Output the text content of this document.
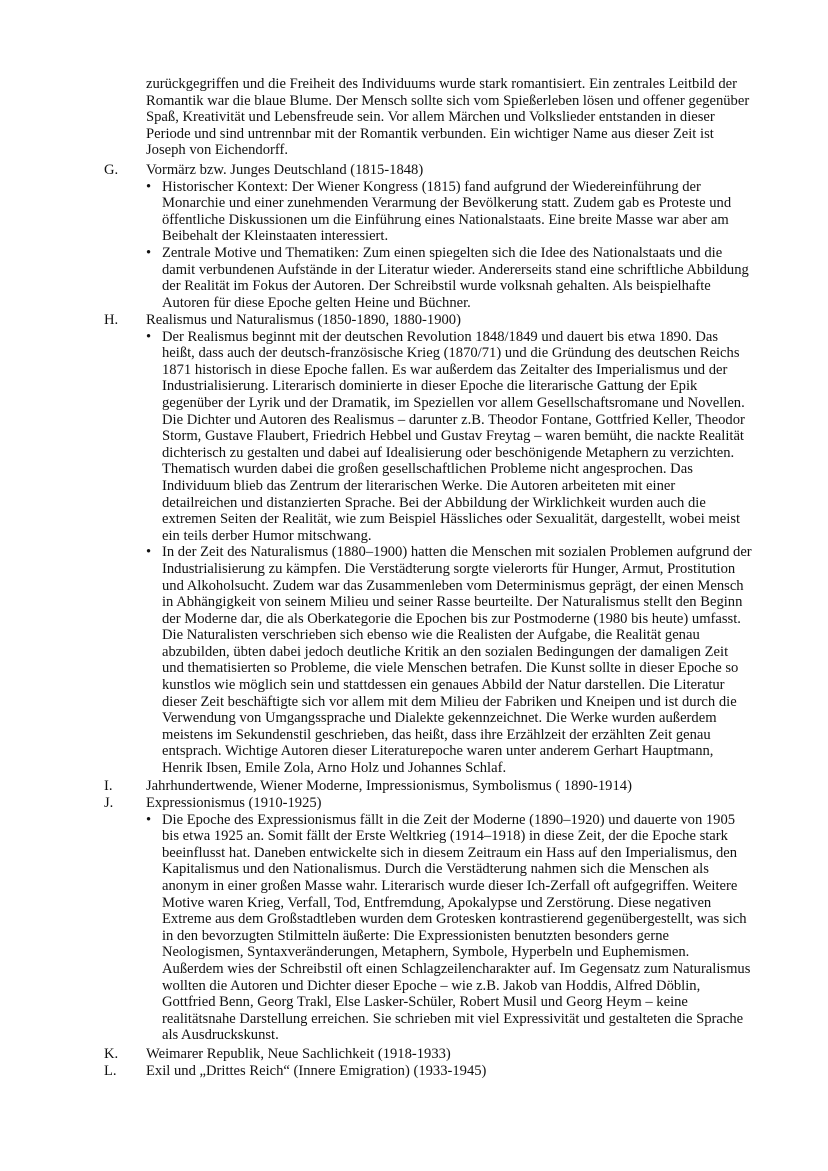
zurückgegriffen und die Freiheit des Individuums wurde stark romantisiert. Ein zentrales Leitbild der Romantik war die blaue Blume. Der Mensch sollte sich vom Spießerleben lösen und offener gegenüber Spaß, Kreativität und Lebensfreude sein. Vor allem Märchen und Volkslieder entstanden in dieser Periode und sind untrennbar mit der Romantik verbunden. Ein wichtiger Name aus dieser Zeit ist Joseph von Eichendorff.

G.	Vormärz bzw. Junges Deutschland (1815-1848)
• Historischer Kontext: Der Wiener Kongress (1815) fand aufgrund der Wiedereinführung der Monarchie und einer zunehmenden Verarmung der Bevölkerung statt. Zudem gab es Proteste und öffentliche Diskussionen um die Einführung eines Nationalstaats. Eine breite Masse war aber am Beibehalt der Kleinstaaten interessiert.

• Zentrale Motive und Thematiken: Zum einen spiegelten sich die Idee des Nationalstaats und die damit verbundenen Aufstände in der Literatur wieder. Andererseits stand eine schriftliche Abbildung der Realität im Fokus der Autoren. Der Schreibstil wurde volksnah gehalten. Als beispielhafte Autoren für diese Epoche gelten Heine und Büchner.

H.	Realismus und Naturalismus (1850-1890, 1880-1900)
• Der Realismus beginnt mit der deutschen Revolution 1848/1849 und dauert bis etwa 1890. Das heißt, dass auch der deutsch-französische Krieg (1870/71) und die Gründung des deutschen Reichs 1871 historisch in diese Epoche fallen. Es war außerdem das Zeitalter des Imperialismus und der Industrialisierung. Literarisch dominierte in dieser Epoche die literarische Gattung der Epik gegenüber der Lyrik und der Dramatik, im Speziellen vor allem Gesellschaftsromane und Novellen. Die Dichter und Autoren des Realismus – darunter z.B. Theodor Fontane, Gottfried Keller, Theodor Storm, Gustave Flaubert, Friedrich Hebbel und Gustav Freytag – waren bemüht, die nackte Realität dichterisch zu gestalten und dabei auf Idealisierung oder beschönigende Metaphern zu verzichten. Thematisch wurden dabei die großen gesellschaftlichen Probleme nicht angesprochen. Das Individuum blieb das Zentrum der literarischen Werke. Die Autoren arbeiteten mit einer detailreichen und distanzierten Sprache. Bei der Abbildung der Wirklichkeit wurden auch die extremen Seiten der Realität, wie zum Beispiel Hässliches oder Sexualität, dargestellt, wobei meist ein teils derber Humor mitschwang.

• In der Zeit des Naturalismus (1880–1900) hatten die Menschen mit sozialen Problemen aufgrund der Industrialisierung zu kämpfen. Die Verstädterung sorgte vielerorts für Hunger, Armut, Prostitution und Alkoholsucht. Zudem war das Zusammenleben vom Determinismus geprägt, der einen Mensch in Abhängigkeit von seinem Milieu und seiner Rasse beurteilte. Der Naturalismus stellt den Beginn der Moderne dar, die als Oberkategorie die Epochen bis zur Postmoderne (1980 bis heute) umfasst. Die Naturalisten verschrieben sich ebenso wie die Realisten der Aufgabe, die Realität genau abzubilden, übten dabei jedoch deutliche Kritik an den sozialen Bedingungen der damaligen Zeit und thematisierten so Probleme, die viele Menschen betrafen. Die Kunst sollte in dieser Epoche so kunstlos wie möglich sein und stattdessen ein genaues Abbild der Natur darstellen. Die Literatur dieser Zeit beschäftigte sich vor allem mit dem Milieu der Fabriken und Kneipen und ist durch die Verwendung von Umgangssprache und Dialekte gekennzeichnet. Die Werke wurden außerdem meistens im Sekundenstil geschrieben, das heißt, dass ihre Erzählzeit der erzählten Zeit genau entsprach. Wichtige Autoren dieser Literaturepoche waren unter anderem Gerhart Hauptmann, Henrik Ibsen, Emile Zola, Arno Holz und Johannes Schlaf.

I.	Jahrhundertwende, Wiener Moderne, Impressionismus, Symbolismus ( 1890-1914)
J.	Expressionismus (1910-1925)
• Die Epoche des Expressionismus fällt in die Zeit der Moderne (1890–1920) und dauerte von 1905 bis etwa 1925 an. Somit fällt der Erste Weltkrieg (1914–1918) in diese Zeit, der die Epoche stark beeinflusst hat. Daneben entwickelte sich in diesem Zeitraum ein Hass auf den Imperialismus, den Kapitalismus und den Nationalismus. Durch die Verstädterung nahmen sich die Menschen als anonym in einer großen Masse wahr. Literarisch wurde dieser Ich-Zerfall oft aufgegriffen. Weitere Motive waren Krieg, Verfall, Tod, Entfremdung, Apokalypse und Zerstörung. Diese negativen Extreme aus dem Großstadtleben wurden dem Grotesken kontrastierend gegenübergestellt, was sich in den bevorzugten Stilmitteln äußerte: Die Expressionisten benutzten besonders gerne Neologismen, Syntaxveränderungen, Metaphern, Symbole, Hyperbeln und Euphemismen. Außerdem wies der Schreibstil oft einen Schlagzeilencharakter auf. Im Gegensatz zum Naturalismus wollten die Autoren und Dichter dieser Epoche – wie z.B. Jakob van Hoddis, Alfred Döblin, Gottfried Benn, Georg Trakl, Else Lasker-Schüler, Robert Musil und Georg Heym – keine realitätsnahe Darstellung erreichen. Sie schrieben mit viel Expressivität und gestalteten die Sprache als Ausdruckskunst.

K.	Weimarer Republik, Neue Sachlichkeit (1918-1933)
L.	Exil und „Drittes Reich“ (Innere Emigration) (1933-1945)
